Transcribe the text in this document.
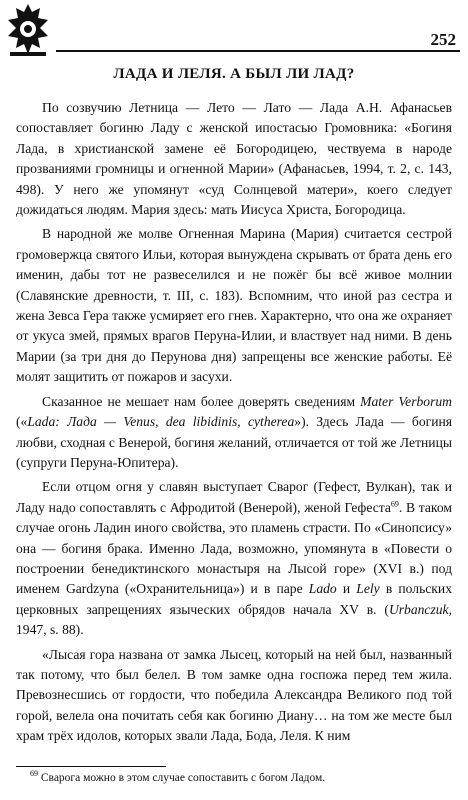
252
ЛАДА И ЛЕЛЯ. А БЫЛ ЛИ ЛАД?

По созвучию Летница — Лето — Лато — Лада А.Н. Афанасьев сопоставляет богиню Ладу с женской ипостасью Громовника: «Богиня Лада, в христианской замене её Богородицею, чествуема в народе прозваниями громницы и огненной Марии» (Афанасьев, 1994, т. 2, с. 143, 498). У него же упомянут «суд Солнцевой матери», коего следует дожидаться людям. Мария здесь: мать Иисуса Христа, Богородица.

В народной же молве Огненная Марина (Мария) считается сестрой громовержца святого Ильи, которая вынуждена скрывать от брата день его именин, дабы тот не развеселился и не пожёг бы всё живое молнии (Славянские древности, т. III, с. 183). Вспомним, что иной раз сестра и жена Зевса Гера также усмиряет его гнев. Характерно, что она же охраняет от укуса змей, прямых врагов Перуна-Илии, и властвует над ними. В день Марии (за три дня до Перунова дня) запрещены все женские работы. Её молят защитить от пожаров и засухи.

Сказанное не мешает нам более доверять сведениям Mater Verborum («Lada: Лада — Venus, dea libidinis, cytherea»). Здесь Лада — богиня любви, сходная с Венерой, богиня желаний, отличается от той же Летницы (супруги Перуна-Юпитера).

Если отцом огня у славян выступает Сварог (Гефест, Вулкан), так и Ладу надо сопоставлять с Афродитой (Венерой), женой Гефеста$^{69}$. В таком случае огонь Ладин иного свойства, это пламень страсти. По «Синопсису» она — богиня брака. Именно Лада, возможно, упомянута в «Повести о построении бенедиктинского монастыря на Лысой горе» (XVI в.) под именем Gardzyna («Охранительница») и в паре Lado и Lely в польских церковных запрещениях языческих обрядов начала XV в. (Urbanczuk, 1947, s. 88).

«Лысая гора названа от замка Лысец, который на ней был, названный так потому, что был белел. В том замке одна госпожа перед тем жила. Превознесшись от гордости, что победила Александра Великого под той горой, велела она почитать себя как богиню Диану… на том же месте был храм трёх идолов, которых звали Лада, Бода, Леля. К ним

$^{69}$ Сварога можно в этом случае сопоставить с богом Ладом.
